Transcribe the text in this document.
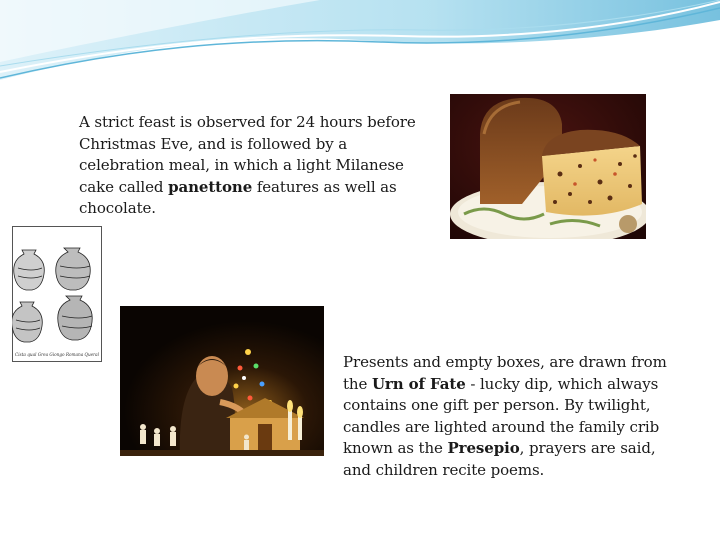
A strict feast is observed for 24 hours before Christmas Eve, and is followed by a celebration meal, in which a light Milanese cake called panettone features as well as chocolate.

Presents and empty boxes, are drawn from the Urn of Fate - lucky dip, which always contains one gift per person. By twilight, candles are lighted around the family crib known as the Presepio, prayers are said, and children recite poems.

Cista qual Grea Giongo Romana Queral
